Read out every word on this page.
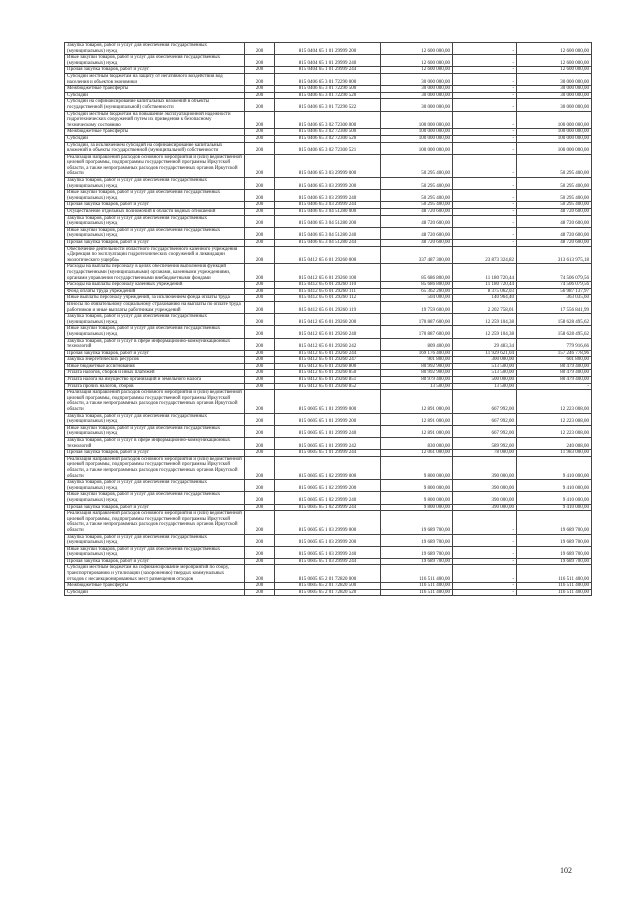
Закупка товаров, работ и услуг для обеспечения государственных (муниципальных) нужд	200	815 0404 65 1 01 29999 200	12 600 000,00	-	12 600 000,00
Иные закупки товаров, работ и услуг для обеспечения государственных (муниципальных) нужд	200	815 0404 65 1 01 29999 240	12 600 000,00	-	12 600 000,00
Прочая закупка товаров, работ и услуг	200	815 0404 65 1 01 29999 244	12 600 000,00	-	12 600 000,00
Субсидии местным бюджетам на защиту от негативного воздействия вод населения и объектов экономики	200	815 0406 65 3 01 72290 000	30 000 000,00	-	30 000 000,00
Межбюджетные трансферты	200	815 0406 65 3 01 72290 500	30 000 000,00	-	30 000 000,00
Субсидии	200	815 0406 65 3 01 72290 520	30 000 000,00	-	30 000 000,00
Субсидии на софинансирование капитальных вложений в объекты государственной (муниципальной) собственности	200	815 0406 65 3 01 72290 522	30 000 000,00	-	30 000 000,00
Субсидии местным бюджетам на повышение эксплуатационной надежности гидротехнических сооружений путем их приведения к безопасному техническому состоянию	200	815 0406 65 3 02 72300 000	100 000 000,00	-	100 000 000,00
Межбюджетные трансферты	200	815 0406 65 3 02 72300 500	100 000 000,00	-	100 000 000,00
Субсидии	200	815 0406 65 3 02 72300 520	100 000 000,00	-	100 000 000,00
Субсидии, за исключением субсидий на софинансирование капитальных вложений в объекты государственной (муниципальной) собственности	200	815 0406 65 3 02 72300 521	100 000 000,00	-	100 000 000,00
Реализация направлений расходов основного мероприятия и (или) ведомственной целевой программы, подпрограммы государственной программы Иркутской области, а также непрограммных расходов государственных органов Иркутской области	200	815 0406 65 3 03 29999 000	50 295 400,00	-	50 295 400,00
Закупка товаров, работ и услуг для обеспечения государственных (муниципальных) нужд	200	815 0406 65 3 03 29999 200	50 295 400,00	-	50 295 400,00
Иные закупки товаров, работ и услуг для обеспечения государственных (муниципальных) нужд	200	815 0406 65 3 03 29999 240	50 295 400,00	-	50 295 400,00
Прочая закупка товаров, работ и услуг	200	815 0406 65 3 03 29999 244	50 295 400,00	-	50 295 400,00
Осуществление отдельных полномочий в области водных отношений	200	815 0406 65 3 04 51280 000	48 720 600,00	-	48 720 600,00
Закупка товаров, работ и услуг для обеспечения государственных (муниципальных) нужд	200	815 0406 65 3 04 51280 200	48 720 600,00	-	48 720 600,00
Иные закупки товаров, работ и услуг для обеспечения государственных (муниципальных) нужд	200	815 0406 65 3 04 51280 240	48 720 600,00	-	48 720 600,00
Прочая закупка товаров, работ и услуг	200	815 0406 65 3 04 51280 244	48 720 600,00	-	48 720 600,00
Обеспечение деятельности областного государственного казенного учреждения «Дирекция по эксплуатации гидротехнических сооружений и ликвидации экологического ущерба»	200	815 0412 65 6 01 29260 000	337 487 300,00	23 873 324,82	313 613 975,18
Расходы на выплаты персоналу в целях обеспечения выполнения функций государственными (муниципальными) органами, казенными учреждениями, органами управления государственными внебюджетными фондами	200	815 0412 65 6 01 29260 100	85 686 800,00	11 180 720,44	74 506 079,56
Расходы на выплаты персоналу казенных учреждений	200	815 0412 65 6 01 29260 110	85 686 800,00	11 180 720,44	74 506 079,56
Фонд оплаты труда учреждений	200	815 0412 65 6 01 29260 111	65 362 200,00	8 375 062,03	56 987 137,97
Иные выплаты персоналу учреждений, за исключением фонда оплаты труда	200	815 0412 65 6 01 29260 112	504 000,00	140 964,40	363 035,60
Взносы по обязательному социальному страхованию на выплаты по оплате труда работников и иные выплаты работникам учреждений	200	815 0412 65 6 01 29260 119	19 759 600,00	2 202 758,01	17 556 841,99
Закупка товаров, работ и услуг для обеспечения государственных (муниципальных) нужд	200	815 0412 65 6 01 29260 200	170 887 600,00	12 259 104,38	158 628 495,62
Иные закупки товаров, работ и услуг для обеспечения государственных (муниципальных) нужд	200	815 0412 65 6 01 29260 240	170 887 600,00	12 259 104,38	158 628 495,62
Закупка товаров, работ и услуг в сфере информационно-коммуникационных технологий	200	815 0412 65 6 01 29260 242	809 400,00	29 483,34	779 916,66
Прочая закупка товаров, работ и услуг	200	815 0412 65 6 01 29260 244	169 176 400,00	11 929 621,04	157 246 778,96
Закупка энергетических ресурсов	200	815 0412 65 6 01 29260 247	901 800,00	300 000,00	601 800,00
Иные бюджетные ассигнования	200	815 0412 65 6 01 29260 800	80 992 900,00	513 500,00	80 479 400,00
Уплата налогов, сборов и иных платежей	200	815 0412 65 6 01 29260 850	80 992 900,00	513 500,00	80 479 400,00
Уплата налога на имущество организаций и земельного налога	200	815 0412 65 6 01 29260 851	80 979 400,00	500 000,00	80 479 400,00
Уплата прочих налогов, сборов	200	815 0412 65 6 01 29260 852	13 500,00	13 500,00	-
Реализация направлений расходов основного мероприятия и (или) ведомственной целевой программы, подпрограммы государственной программы Иркутской области, а также непрограммных расходов государственных органов Иркутской области	200	815 0605 65 1 01 29999 000	12 891 000,00	667 992,00	12 223 008,00
Закупка товаров, работ и услуг для обеспечения государственных (муниципальных) нужд	200	815 0605 65 1 01 29999 200	12 891 000,00	667 992,00	12 223 008,00
Иные закупки товаров, работ и услуг для обеспечения государственных (муниципальных) нужд	200	815 0605 65 1 01 29999 240	12 891 000,00	667 992,00	12 223 008,00
Закупка товаров, работ и услуг в сфере информационно-коммуникационных технологий	200	815 0605 65 1 01 29999 242	830 000,00	589 992,00	240 008,00
Прочая закупка товаров, работ и услуг	200	815 0605 65 1 01 29999 244	12 061 000,00	78 000,00	11 983 000,00
Реализация направлений расходов основного мероприятия и (или) ведомственной целевой программы, подпрограммы государственной программы Иркутской области, а также непрограммных расходов государственных органов Иркутской области	200	815 0605 65 1 02 29999 000	9 800 000,00	390 000,00	9 410 000,00
Закупка товаров, работ и услуг для обеспечения государственных (муниципальных) нужд	200	815 0605 65 1 02 29999 200	9 800 000,00	390 000,00	9 410 000,00
Иные закупки товаров, работ и услуг для обеспечения государственных (муниципальных) нужд	200	815 0605 65 1 02 29999 240	9 800 000,00	390 000,00	9 410 000,00
Прочая закупка товаров, работ и услуг	200	815 0605 65 1 02 29999 244	9 800 000,00	390 000,00	9 410 000,00
Реализация направлений расходов основного мероприятия и (или) ведомственной целевой программы, подпрограммы государственной программы Иркутской области, а также непрограммных расходов государственных органов Иркутской области	200	815 0605 65 1 03 29999 000	19 689 700,00	-	19 689 700,00
Закупка товаров, работ и услуг для обеспечения государственных (муниципальных) нужд	200	815 0605 65 1 03 29999 200	19 689 700,00	-	19 689 700,00
Иные закупки товаров, работ и услуг для обеспечения государственных (муниципальных) нужд	200	815 0605 65 1 03 29999 240	19 689 700,00	-	19 689 700,00
Прочая закупка товаров, работ и услуг	200	815 0605 65 1 03 29999 244	19 689 700,00	-	19 689 700,00
Субсидии местным бюджетам на софинансирование мероприятий по сбору, транспортированию и утилизации (захоронению) твердых коммунальных отходов с несанкционированных мест размещения отходов	200	815 0605 65 2 01 72820 000	116 511 400,00	-	116 511 400,00
Межбюджетные трансферты	200	815 0605 65 2 01 72820 500	116 511 400,00	-	116 511 400,00
Субсидии	200	815 0605 65 2 01 72820 520	116 511 400,00	-	116 511 400,00
102
